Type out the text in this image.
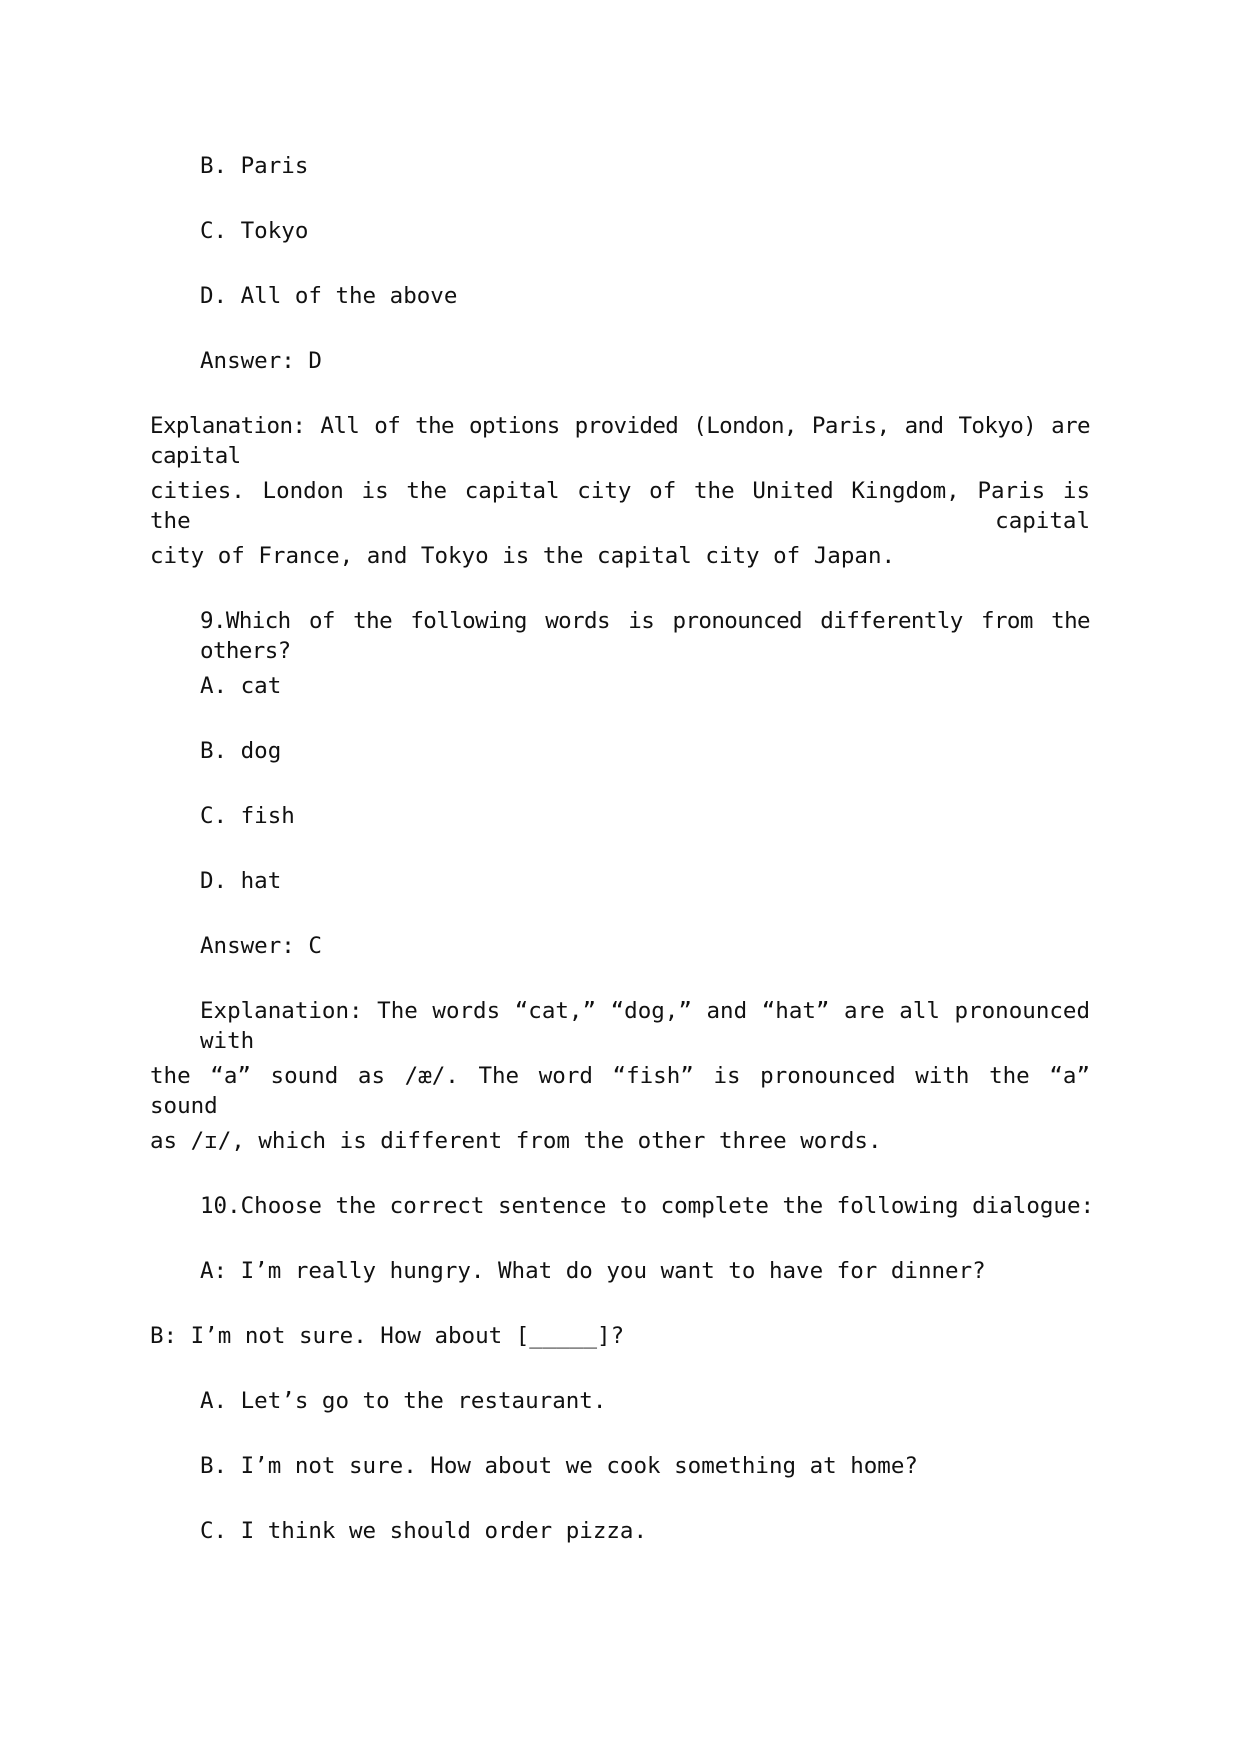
B. Paris
C. Tokyo
D. All of the above
Answer: D
Explanation: All of the options provided (London, Paris, and Tokyo) are capital
cities. London is the capital city of the United Kingdom, Paris is the capital
city of France, and Tokyo is the capital city of Japan.
9.Which of the following words is pronounced differently from the others?
A. cat
B. dog
C. fish
D. hat
Answer: C
Explanation: The words “cat,” “dog,” and “hat” are all pronounced with
the “a” sound as /æ/. The word “fish” is pronounced with the “a” sound
as /ɪ/, which is different from the other three words.
10.Choose the correct sentence to complete the following dialogue:
A: I’m really hungry. What do you want to have for dinner?
B: I’m not sure. How about [_____]?
A. Let’s go to the restaurant.
B. I’m not sure. How about we cook something at home?
C. I think we should order pizza.
